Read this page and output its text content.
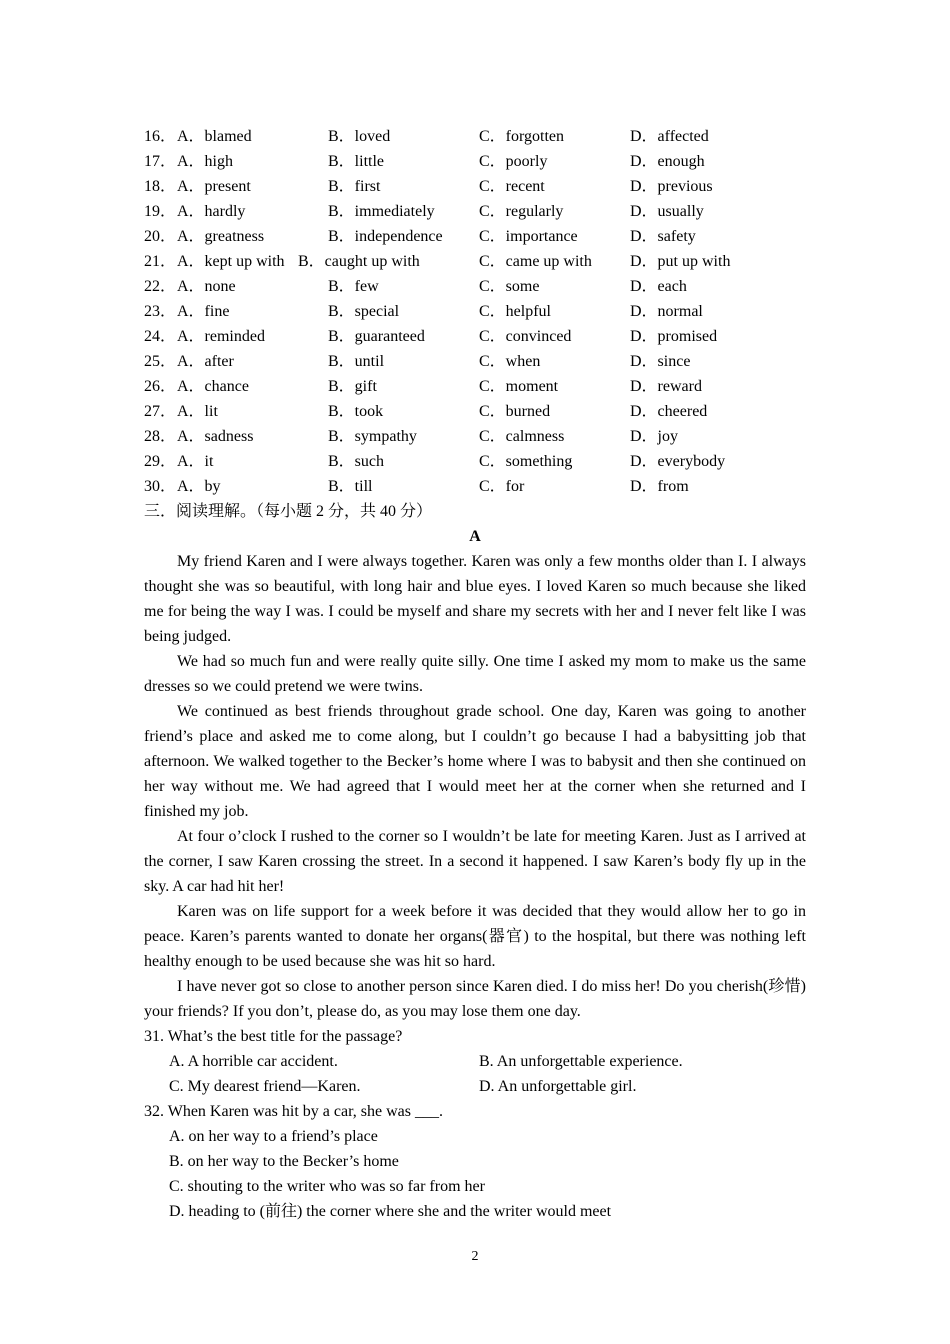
16． A．blamed	B．loved	C．forgotten	D．affected
17． A．high	B．little	C．poorly	D．enough
18． A．present	B．first	C．recent	D．previous
19． A．hardly	B．immediately	C．regularly	D．usually
20． A．greatness	B．independence C．importance	D．safety
21． A．kept up with B．caught up with	C．came up with D．put up with
22． A．none	B．few	C．some	D．each
23． A．fine	B．special	C．helpful	D．normal
24． A．reminded	B．guaranteed	C．convinced	D．promised
25． A．after	B．until	C．when	D．since
26． A．chance	B．gift	C．moment	D．reward
27． A．lit	B．took	C．burned	D．cheered
28． A．sadness	B．sympathy	C．calmness	D．joy
29． A．it	B．such	C．something	D．everybody
30． A．by	B．till	C．for	D．from
三．阅读理解。（每小题 2 分，共 40 分）
A

My friend Karen and I were always together. Karen was only a few months older than I. I always thought she was so beautiful, with long hair and blue eyes. I loved Karen so much because she liked me for being the way I was. I could be myself and share my secrets with her and I never felt like I was being judged.

We had so much fun and were really quite silly. One time I asked my mom to make us the same dresses so we could pretend we were twins.

We continued as best friends throughout grade school. One day, Karen was going to another friend’s place and asked me to come along, but I couldn’t go because I had a babysitting job that afternoon. We walked together to the Becker’s home where I was to babysit and then she continued on her way without me. We had agreed that I would meet her at the corner when she returned and I finished my job.

At four o’clock I rushed to the corner so I wouldn’t be late for meeting Karen. Just as I arrived at the corner, I saw Karen crossing the street. In a second it happened. I saw Karen’s body fly up in the sky. A car had hit her!

Karen was on life support for a week before it was decided that they would allow her to go in peace. Karen’s parents wanted to donate her organs(器官) to the hospital, but there was nothing left healthy enough to be used because she was hit so hard.

I have never got so close to another person since Karen died. I do miss her! Do you cherish(珍惜) your friends? If you don’t, please do, as you may lose them one day.

31. What’s the best title for the passage?
A. A horrible car accident.	B. An unforgettable experience.
C. My dearest friend—Karen.	D. An unforgettable girl.
32. When Karen was hit by a car, she was ___.
A. on her way to a friend’s place
B. on her way to the Becker’s home
C. shouting to the writer who was so far from her
D. heading to (前往) the corner where she and the writer would meet
2
